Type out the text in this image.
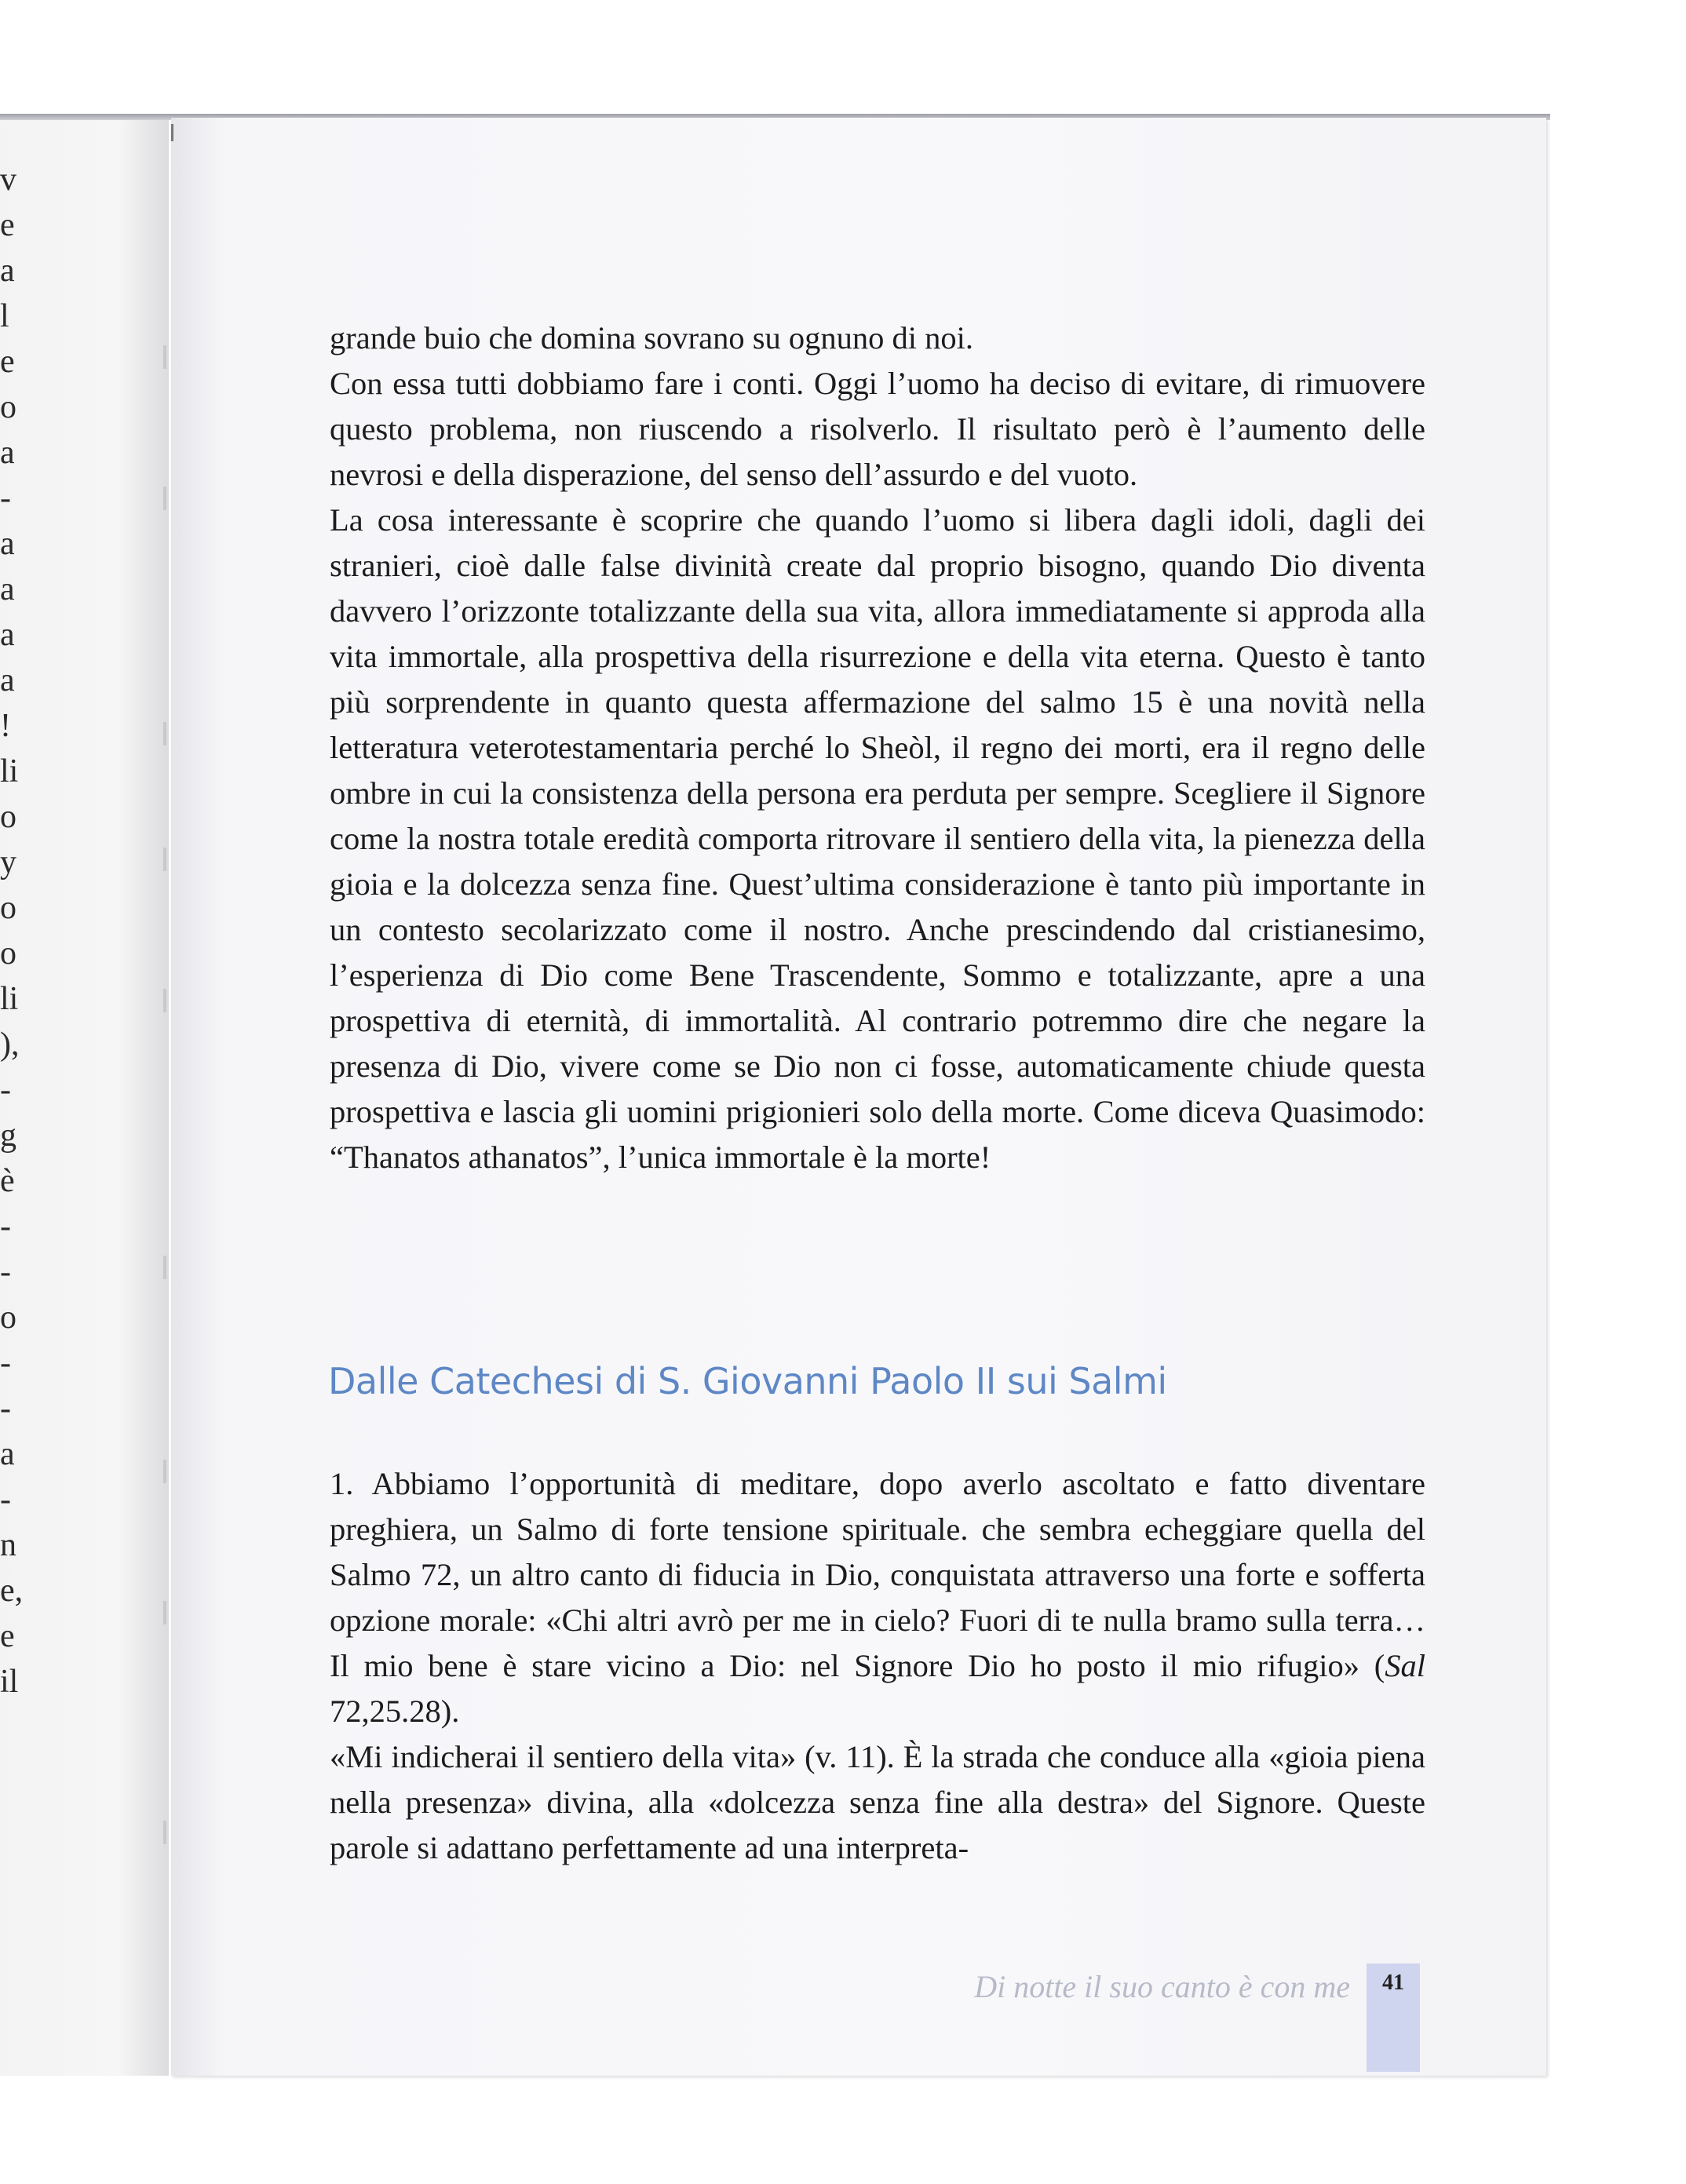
v
e
a
l
e
o
a
-
a
a
a
a
!
li
o
y
o
o
li
),
-
g
è
-
-
o
-
-
a
-
n
e,
e
il

grande buio che domina sovrano su ognuno di noi.

Con essa tutti dobbiamo fare i conti. Oggi l’uomo ha deciso di evitare, di rimuovere questo problema, non riuscendo a risolverlo. Il risultato però è l’aumento delle nevrosi e della disperazione, del senso dell’assurdo e del vuoto.

La cosa interessante è scoprire che quando l’uomo si libera dagli idoli, dagli dei stranieri, cioè dalle false divinità create dal proprio bisogno, quando Dio diventa davvero l’orizzonte totalizzante della sua vita, allora immediatamente si approda alla vita immortale, alla prospettiva della risurrezione e della vita eterna. Questo è tanto più sorprendente in quanto questa affermazione del salmo 15 è una novità nella letteratura veterotestamentaria perché lo Sheòl, il regno dei morti, era il regno delle ombre in cui la consistenza della persona era perduta per sempre. Scegliere il Signore come la nostra totale eredità comporta ritrovare il sentiero della vita, la pienezza della gioia e la dolcezza senza fine. Quest’ultima considerazione è tanto più importante in un contesto secolarizzato come il nostro. Anche prescindendo dal cristianesimo, l’esperienza di Dio come Bene Trascendente, Sommo e totalizzante, apre a una prospettiva di eternità, di immortalità. Al contrario potremmo dire che negare la presenza di Dio, vivere come se Dio non ci fosse, automaticamente chiude questa prospettiva e lascia gli uomini prigionieri solo della morte. Come diceva Quasimodo: “Thanatos athanatos”, l’unica immortale è la morte!

Dalle Catechesi di S. Giovanni Paolo II sui Salmi

1. Abbiamo l’opportunità di meditare, dopo averlo ascoltato e fatto diventare preghiera, un Salmo di forte tensione spirituale. che sembra echeggiare quella del Salmo 72, un altro canto di fiducia in Dio, conquistata attraverso una forte e sofferta opzione morale: «Chi altri avrò per me in cielo? Fuori di te nulla bramo sulla terra… Il mio bene è stare vicino a Dio: nel Signore Dio ho posto il mio rifugio» (Sal 72,25.28).

«Mi indicherai il sentiero della vita» (v. 11). È la strada che conduce alla «gioia piena nella presenza» divina, alla «dolcezza senza fine alla destra» del Signore. Queste parole si adattano perfettamente ad una interpreta-

Di notte il suo canto è con me	41
